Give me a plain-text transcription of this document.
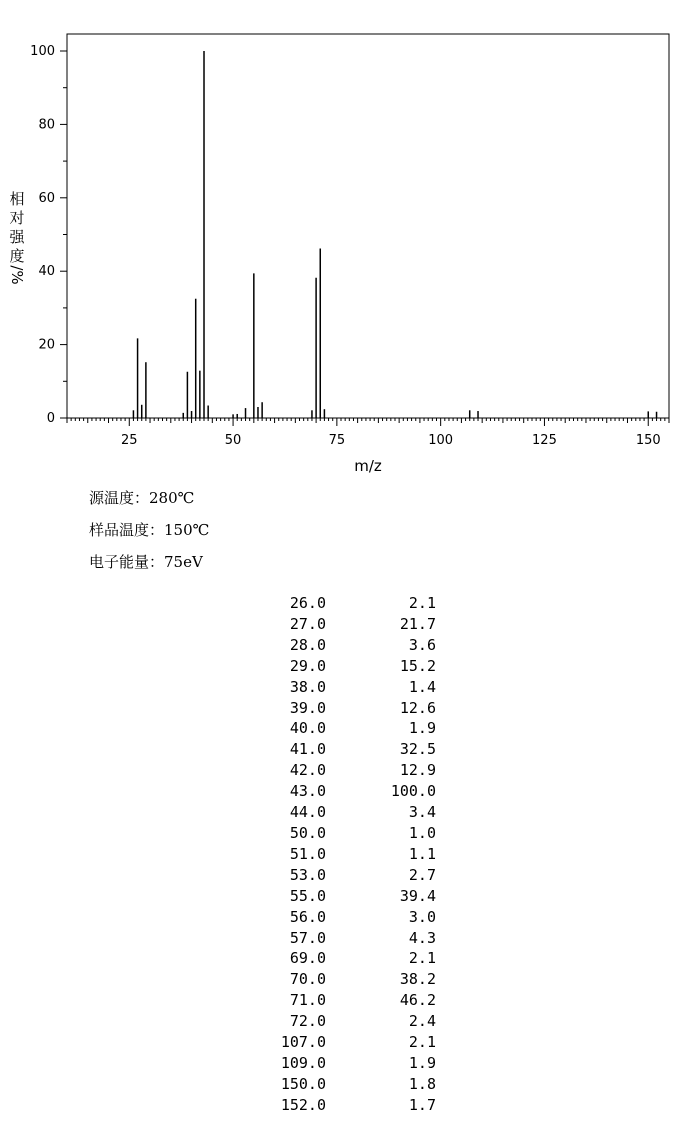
0
20
40
60
80
100
25	50	75	100	125	150
m/z
相
对
强
度
/%
源温度：280℃
样品温度：150℃
电子能量：75eV
26.0	2.1
27.0	21.7
28.0	3.6
29.0	15.2
38.0	1.4
39.0	12.6
40.0	1.9
41.0	32.5
42.0	12.9
43.0	100.0
44.0	3.4
50.0	1.0
51.0	1.1
53.0	2.7
55.0	39.4
56.0	3.0
57.0	4.3
69.0	2.1
70.0	38.2
71.0	46.2
72.0	2.4
107.0	2.1
109.0	1.9
150.0	1.8
152.0	1.7
